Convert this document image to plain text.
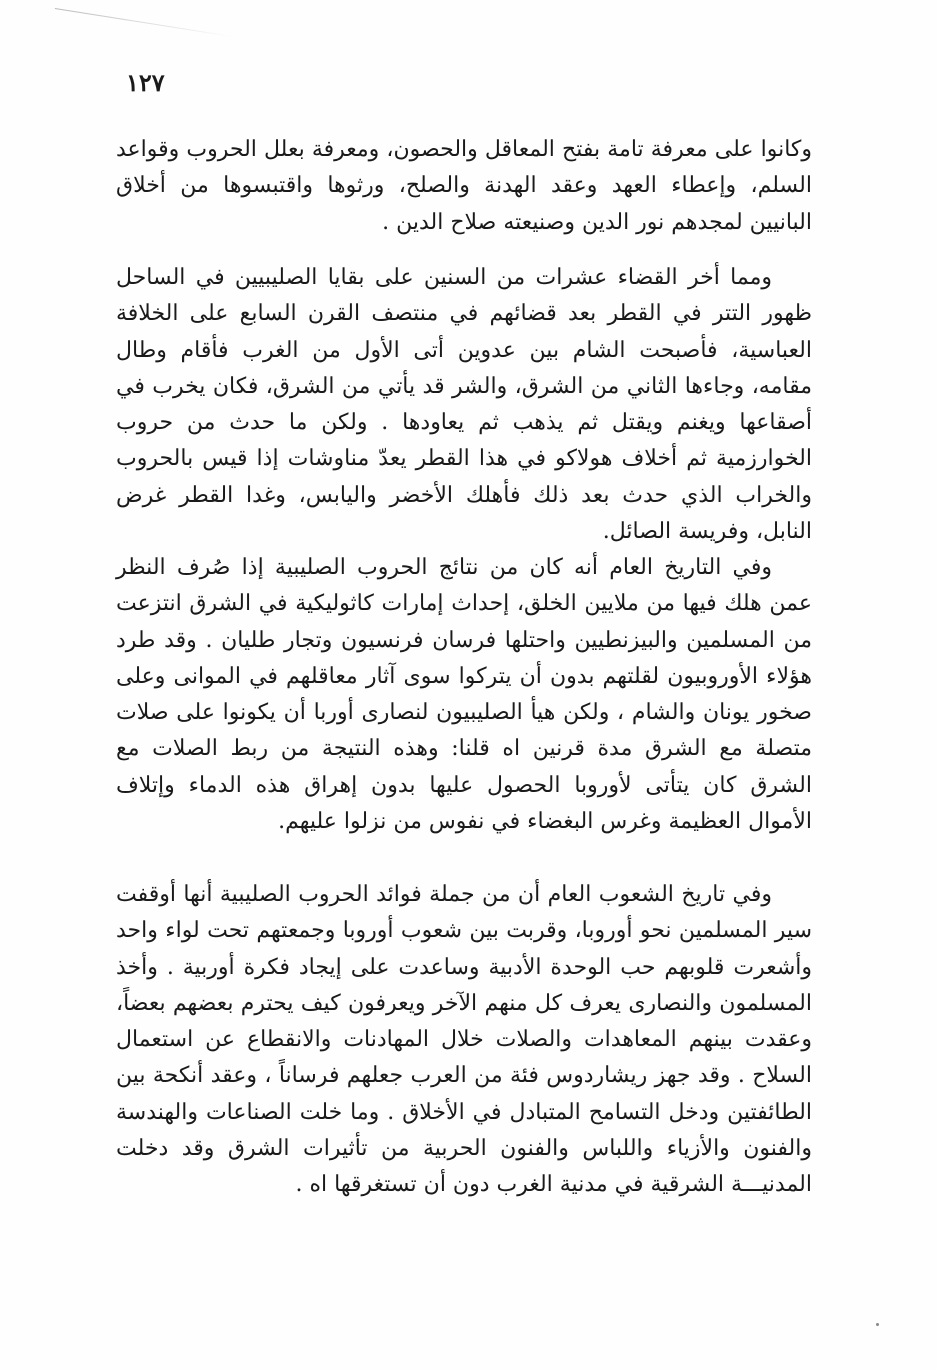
١٢٧

وكانوا على معرفة تامة بفتح المعاقل والحصون، ومعرفة بعلل الحروب وقواعد السلم، وإعطاء العهد وعقد الهدنة والصلح، ورثوها واقتبسوها من أخلاق البانيين لمجدهم نور الدين وصنيعته صلاح الدين .

ومما أخر القضاء عشرات من السنين على بقايا الصليبيين في الساحل ظهور التتر في القطر بعد قضائهم في منتصف القرن السابع على الخلافة العباسية، فأصبحت الشام بين عدوين أتى الأول من الغرب فأقام وطال مقامه، وجاءها الثاني من الشرق، والشر قد يأتي من الشرق، فكان يخرب في أصقاعها ويغنم ويقتل ثم يذهب ثم يعاودها . ولكن ما حدث من حروب الخوارزمية ثم أخلاف هولاكو في هذا القطر يعدّ مناوشات إذا قيس بالحروب والخراب الذي حدث بعد ذلك فأهلك الأخضر واليابس، وغدا القطر غرض النابل، وفريسة الصائل.

وفي التاريخ العام أنه كان من نتائج الحروب الصليبية إذا صُرف النظر عمن هلك فيها من ملايين الخلق، إحداث إمارات كاثوليكية في الشرق انتزعت من المسلمين والبيزنطيين واحتلها فرسان فرنسيون وتجار طليان . وقد طرد هؤلاء الأوروبيون لقلتهم بدون أن يتركوا سوى آثار معاقلهم في الموانى وعلى صخور يونان والشام ، ولكن هيأ الصليبيون لنصارى أوربا أن يكونوا على صلات متصلة مع الشرق مدة قرنين اه قلنا: وهذه النتيجة من ربط الصلات مع الشرق كان يتأتى لأوروبا الحصول عليها بدون إهراق هذه الدماء وإتلاف الأموال العظيمة وغرس البغضاء في نفوس من نزلوا عليهم.

وفي تاريخ الشعوب العام أن من جملة فوائد الحروب الصليبية أنها أوقفت سير المسلمين نحو أوروبا، وقربت بين شعوب أوروبا وجمعتهم تحت لواء واحد وأشعرت قلوبهم حب الوحدة الأدبية وساعدت على إيجاد فكرة أوربية . وأخذ المسلمون والنصارى يعرف كل منهم الآخر ويعرفون كيف يحترم بعضهم بعضاً، وعقدت بينهم المعاهدات والصلات خلال المهادنات والانقطاع عن استعمال السلاح . وقد جهز ريشاردوس فئة من العرب جعلهم فرساناً ، وعقد أنكحة بين الطائفتين ودخل التسامح المتبادل في الأخلاق . وما خلت الصناعات والهندسة والفنون والأزياء واللباس والفنون الحربية من تأثيرات الشرق وقد دخلت المدنيـــة الشرقية في مدنية الغرب دون أن تستغرقها اه .
